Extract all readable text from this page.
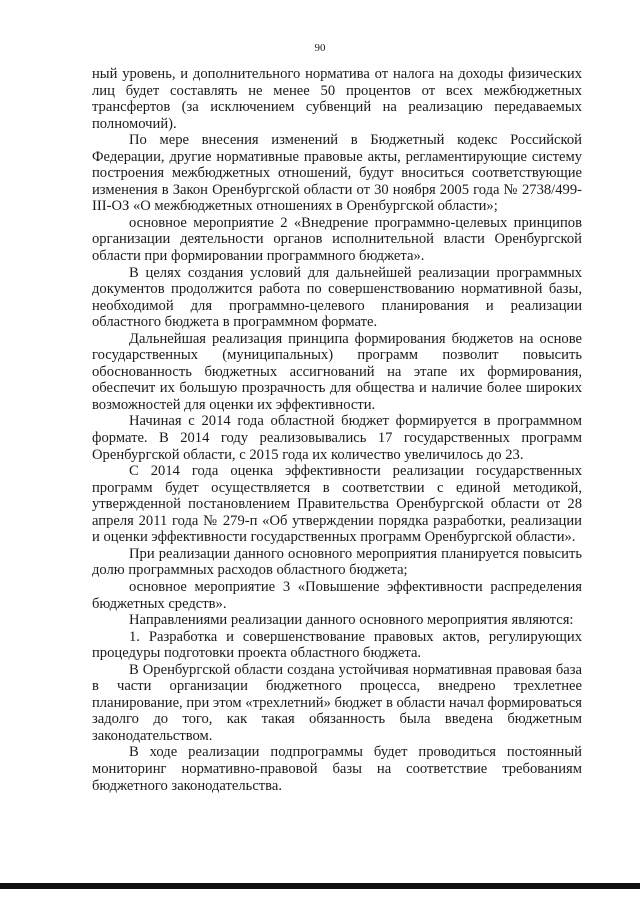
90

ный уровень, и дополнительного норматива от налога на доходы физических лиц будет составлять не менее 50 процентов от всех межбюджетных трансфертов (за исключением субвенций на реализацию передаваемых полномочий).

По мере внесения изменений в Бюджетный кодекс Российской Федерации, другие нормативные правовые акты, регламентирующие систему построения межбюджетных отношений, будут вноситься соответствующие изменения в Закон Оренбургской области от 30 ноября 2005 года № 2738/499-III-ОЗ «О межбюджетных отношениях в Оренбургской области»;

основное мероприятие 2 «Внедрение программно-целевых принципов организации деятельности органов исполнительной власти Оренбургской области при формировании программного бюджета».

В целях создания условий для дальнейшей реализации программных документов продолжится работа по совершенствованию нормативной базы, необходимой для программно-целевого планирования и реализации областного бюджета в программном формате.

Дальнейшая реализация принципа формирования бюджетов на основе государственных (муниципальных) программ позволит повысить обоснованность бюджетных ассигнований на этапе их формирования, обеспечит их большую прозрачность для общества и наличие более широких возможностей для оценки их эффективности.

Начиная с 2014 года областной бюджет формируется в программном формате. В 2014 году реализовывались 17 государственных программ Оренбургской области, с 2015 года их количество увеличилось до 23.

С 2014 года оценка эффективности реализации государственных программ будет осуществляется в соответствии с единой методикой, утвержденной постановлением Правительства Оренбургской области от 28 апреля 2011 года № 279-п «Об утверждении порядка разработки, реализации и оценки эффективности государственных программ Оренбургской области».

При реализации данного основного мероприятия планируется повысить долю программных расходов областного бюджета;

основное мероприятие 3 «Повышение эффективности распределения бюджетных средств».

Направлениями реализации данного основного мероприятия являются:

1. Разработка и совершенствование правовых актов, регулирующих процедуры подготовки проекта областного бюджета.

В Оренбургской области создана устойчивая нормативная правовая база в части организации бюджетного процесса, внедрено трехлетнее планирование, при этом «трехлетний» бюджет в области начал формироваться задолго до того, как такая обязанность была введена бюджетным законодательством.

В ходе реализации подпрограммы будет проводиться постоянный мониторинг нормативно-правовой базы на соответствие требованиям бюджетного законодательства.
